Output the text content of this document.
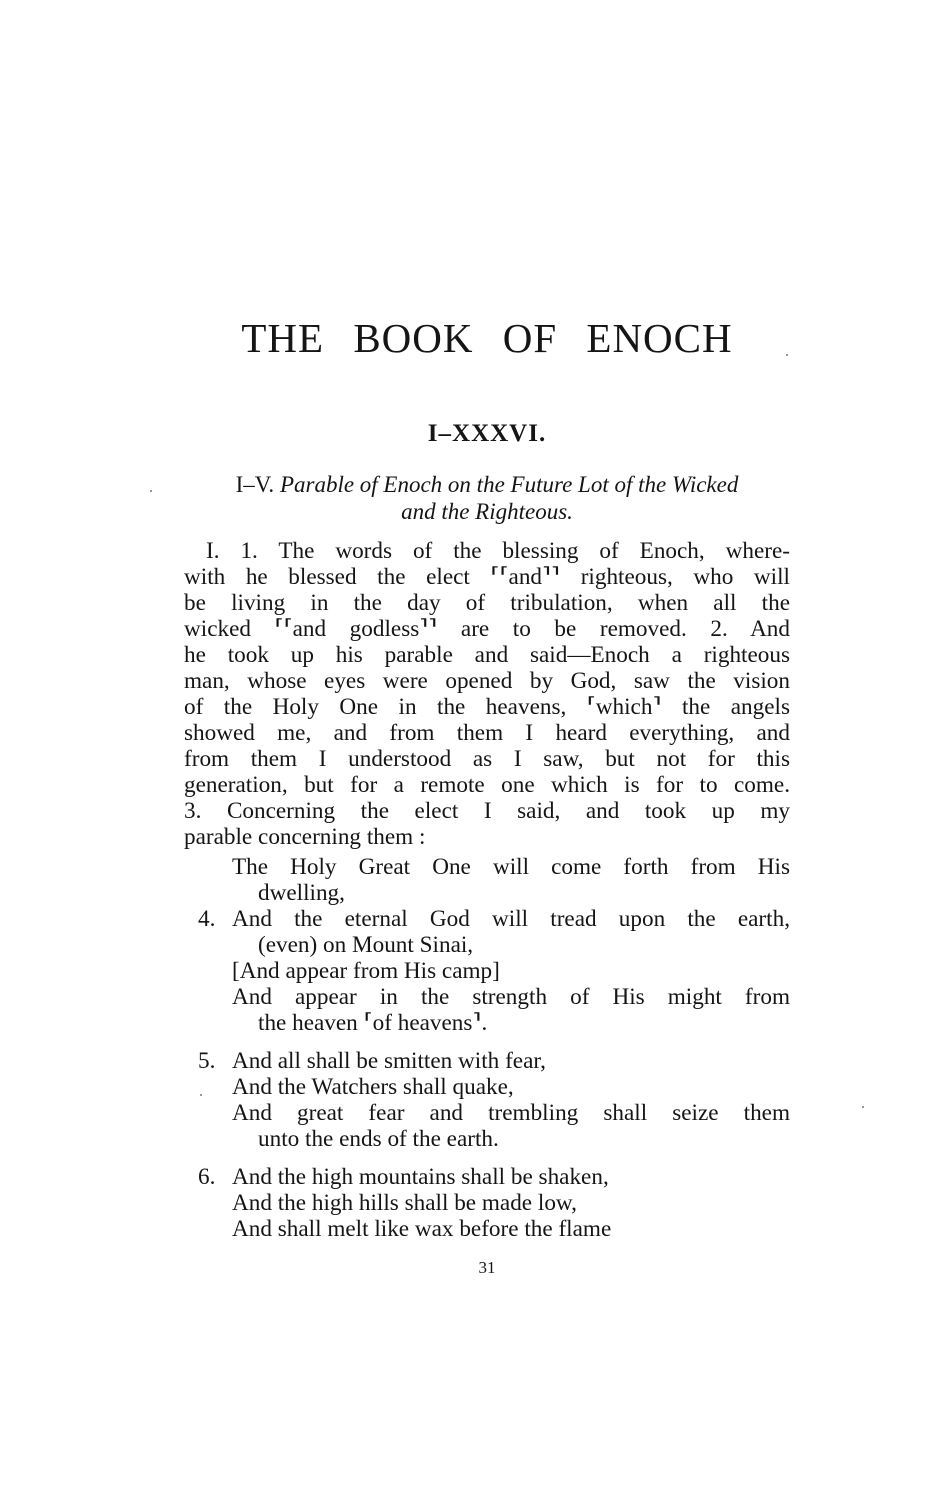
THE BOOK OF ENOCH
I–XXXVI.
I–V. Parable of Enoch on the Future Lot of the Wicked
and the Righteous.
I. 1. The words of the blessing of Enoch, where-
with he blessed the elect ⸢⸢and⸣⸣ righteous, who will
be living in the day of tribulation, when all the
wicked ⸢⸢and godless⸣⸣ are to be removed. 2. And
he took up his parable and said—Enoch a righteous
man, whose eyes were opened by God, saw the vision
of the Holy One in the heavens, ⸢which⸣ the angels
showed me, and from them I heard everything, and
from them I understood as I saw, but not for this
generation, but for a remote one which is for to come.
3. Concerning the elect I said, and took up my
parable concerning them :
The Holy Great One will come forth from His
dwelling,
4. And the eternal God will tread upon the earth,
(even) on Mount Sinai,
[And appear from His camp]
And appear in the strength of His might from
the heaven ⸢of heavens⸣.
5. And all shall be smitten with fear,
And the Watchers shall quake,
And great fear and trembling shall seize them
unto the ends of the earth.
6. And the high mountains shall be shaken,
And the high hills shall be made low,
And shall melt like wax before the flame
31
